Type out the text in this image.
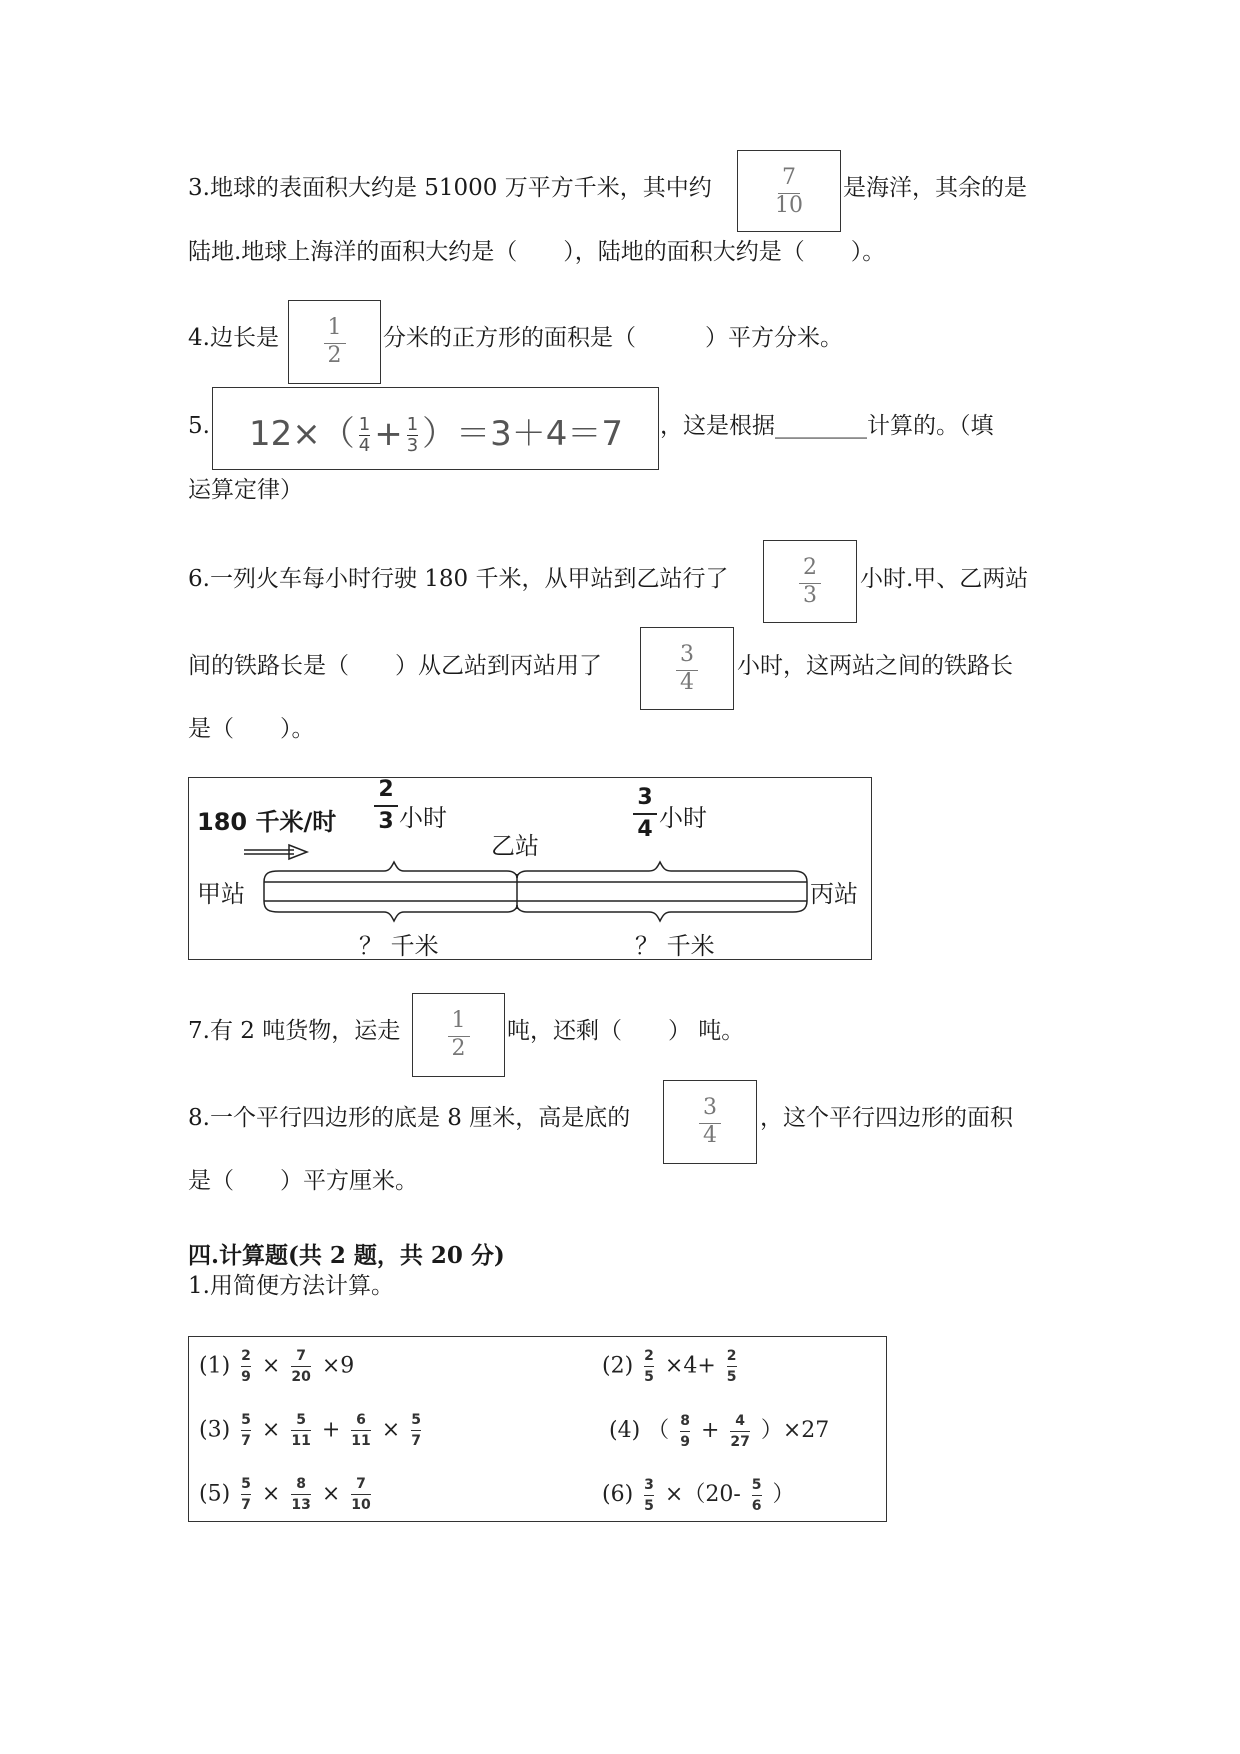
3.地球的表面积大约是 51000 万平方千米，其中约	7
10
是海洋，其余的是
陆地.地球上海洋的面积大约是（　　），陆地的面积大约是（　　）。
4.边长是	1
2
分米的正方形的面积是（　　　）平方分米。
5. $12\times( \frac{1}{4} + \frac{1}{3} )=3+4=7$ ，这是根据________计算的。（填
运算定律）
6.一列火车每小时行驶 180 千米，从甲站到乙站行了	2
3
小时.甲、乙两站
间的铁路长是（　　）从乙站到丙站用了	3
4
小时，这两站之间的铁路长
是（　　）。
180 千米/时
2
3 小时
3
4 小时
甲站
乙站
丙站
？ 千米	？ 千米
7.有 2 吨货物，运走	1
2
吨，还剩（　　） 吨。
8.一个平行四边形的底是 8 厘米，高是底的	3
4
，这个平行四边形的面积
是（　　）平方厘米。
四.计算题(共 2 题，共 20 分)
1.用简便方法计算。
$(1) \frac{2}{9} \times \frac{7}{20} \times 9$	$(2) \frac{2}{5} \times 4+ \frac{2}{5}$
$(3) \frac{5}{7} \times \frac{5}{11} + \frac{6}{11} \times \frac{5}{7}$	(4) （ $\frac{8}{9} + \frac{4}{27} )\times 27$
$(5) \frac{5}{7} \times \frac{8}{13} \times \frac{7}{10}$	$(6) \frac{3}{5} \times(20- \frac{5}{6}$ ）
